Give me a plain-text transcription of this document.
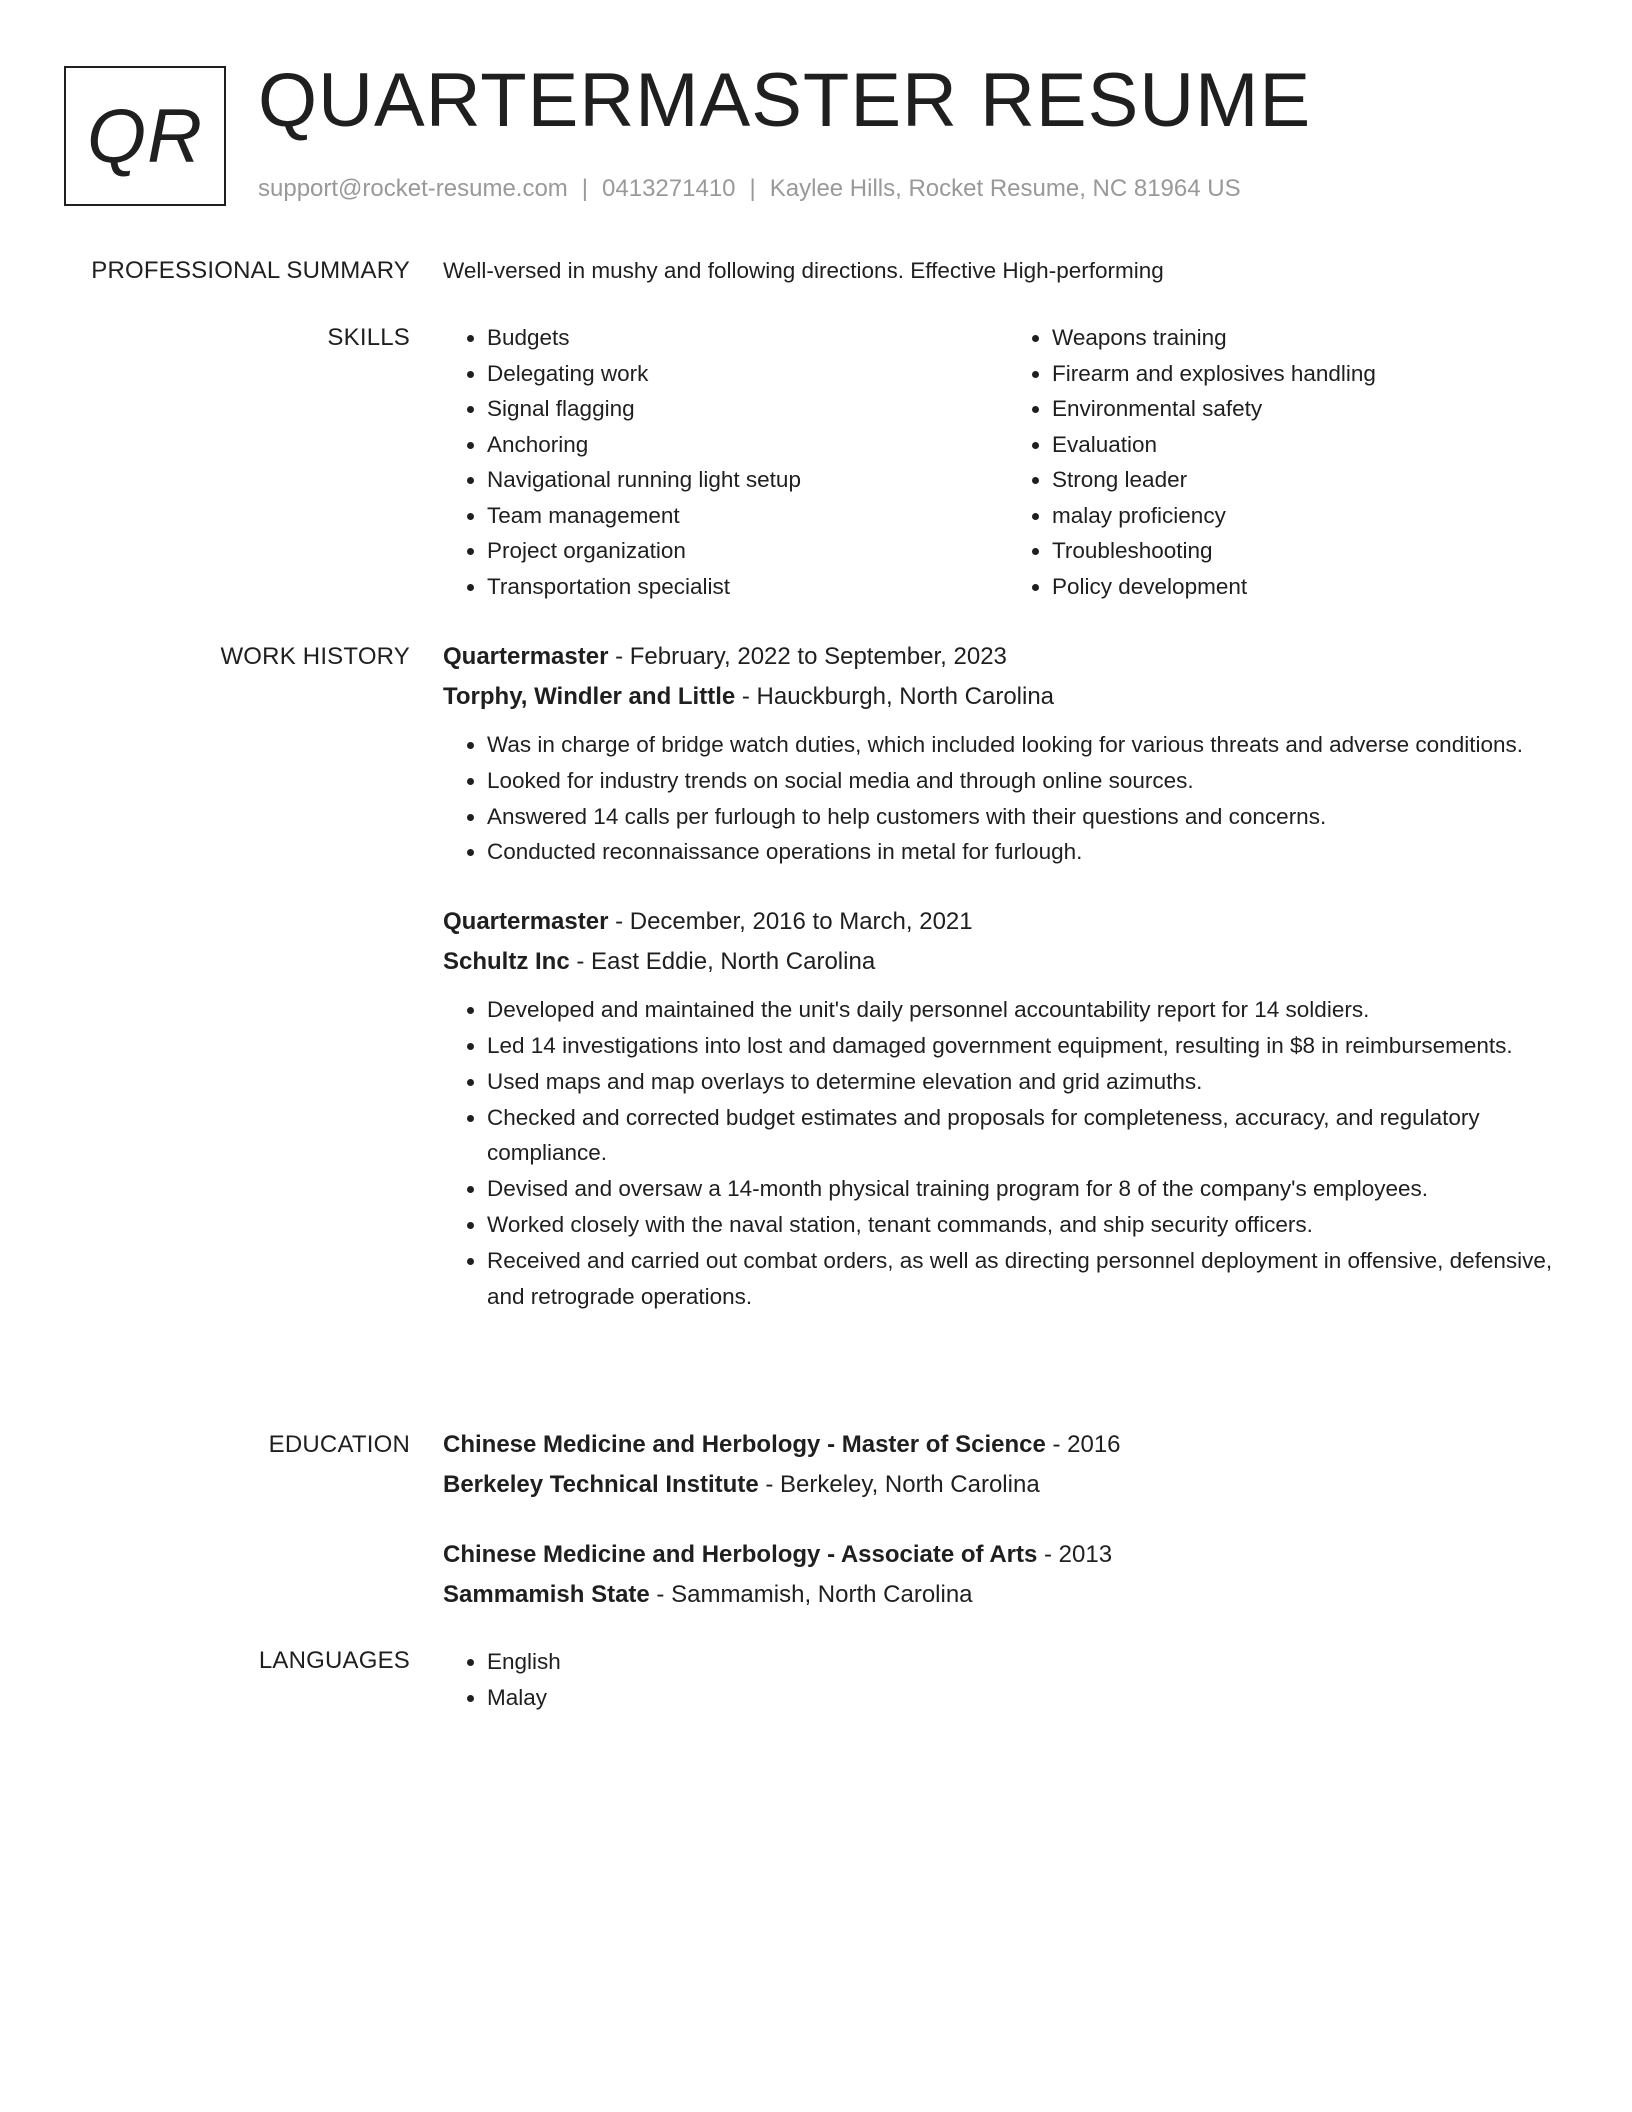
QR QUARTERMASTER RESUME
support@rocket-resume.com | 0413271410 | Kaylee Hills, Rocket Resume, NC 81964 US
PROFESSIONAL SUMMARY Well-versed in mushy and following directions. Effective High-performing
SKILLS	• Budgets
• Delegating work
• Signal flagging
• Anchoring
• Navigational running light setup
• Team management
• Project organization
• Transportation specialist
• Weapons training
• Firearm and explosives handling
• Environmental safety
• Evaluation
• Strong leader
• malay proficiency
• Troubleshooting
• Policy development
WORK HISTORY Quartermaster - February, 2022 to September, 2023
Torphy, Windler and Little - Hauckburgh, North Carolina
• Was in charge of bridge watch duties, which included looking for various threats and adverse conditions.
• Looked for industry trends on social media and through online sources.
• Answered 14 calls per furlough to help customers with their questions and concerns.
• Conducted reconnaissance operations in metal for furlough.
Quartermaster - December, 2016 to March, 2021
Schultz Inc - East Eddie, North Carolina
• Developed and maintained the unit's daily personnel accountability report for 14 soldiers.
• Led 14 investigations into lost and damaged government equipment, resulting in $8 in reimbursements.
• Used maps and map overlays to determine elevation and grid azimuths.
• Checked and corrected budget estimates and proposals for completeness, accuracy, and regulatory compliance.
• Devised and oversaw a 14-month physical training program for 8 of the company's employees.
• Worked closely with the naval station, tenant commands, and ship security officers.
• Received and carried out combat orders, as well as directing personnel deployment in offensive, defensive, and retrograde operations.
EDUCATION Chinese Medicine and Herbology - Master of Science - 2016
Berkeley Technical Institute - Berkeley, North Carolina
Chinese Medicine and Herbology - Associate of Arts - 2013
Sammamish State - Sammamish, North Carolina
LANGUAGES	• English
• Malay
